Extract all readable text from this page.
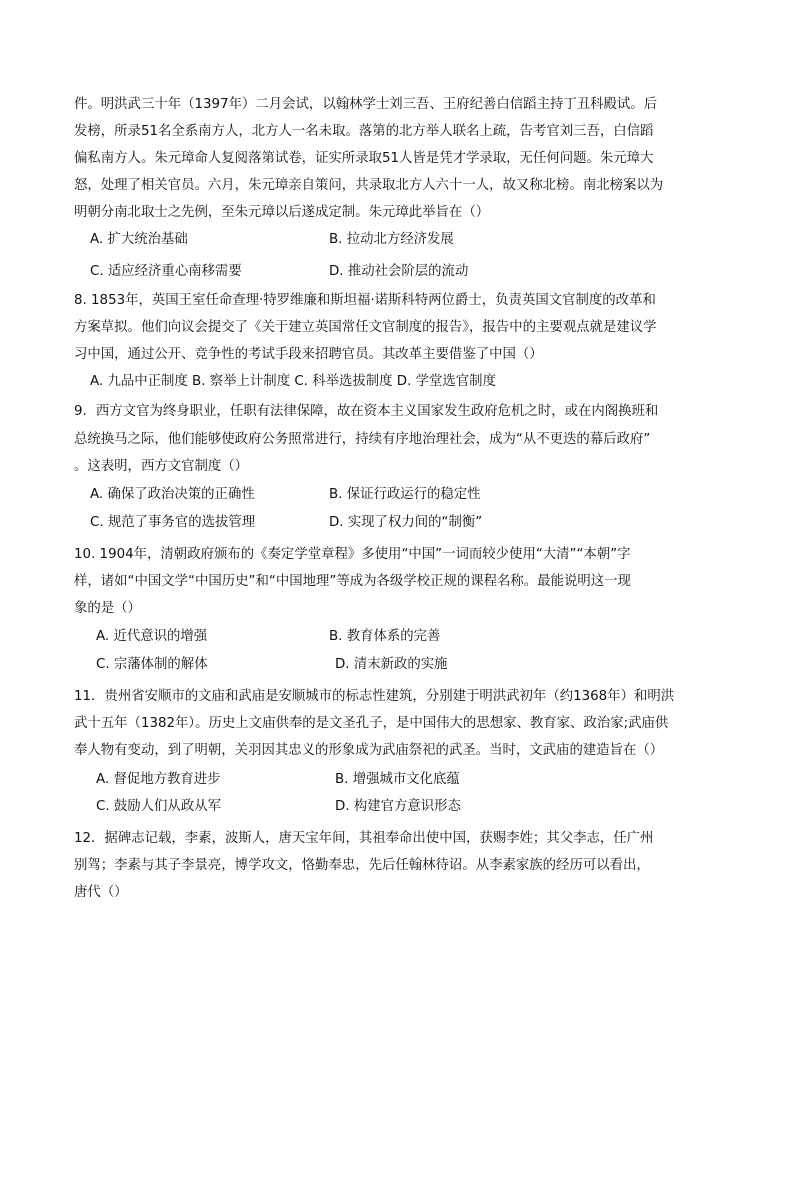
件。明洪武三十年（1397年）二月会试，以翰林学士刘三吾、王府纪善白信蹈主持丁丑科殿试。后
发榜，所录51名全系南方人，北方人一名未取。落第的北方举人联名上疏，告考官刘三吾，白信蹈
偏私南方人。朱元璋命人复阅落第试卷，证实所录取51人皆是凭才学录取，无任何问题。朱元璋大
怒，处理了相关官员。六月，朱元璋亲自策问，共录取北方人六十一人，故又称北榜。南北榜案以为
明朝分南北取士之先例，至朱元璋以后遂成定制。朱元璋此举旨在（）
A. 扩大统治基础	B. 拉动北方经济发展
C. 适应经济重心南移需要	D. 推动社会阶层的流动
8. 1853年，英国王室任命查理·特罗维廉和斯坦福·诺斯科特两位爵士，负责英国文官制度的改革和
方案草拟。他们向议会提交了《关于建立英国常任文官制度的报告》，报告中的主要观点就是建议学
习中国，通过公开、竞争性的考试手段来招聘官员。其改革主要借鉴了中国（）
A. 九品中正制度 B. 察举上计制度 C. 科举选拔制度 D. 学堂选官制度
9．西方文官为终身职业，任职有法律保障，故在资本主义国家发生政府危机之时，或在内阁换班和
总统换马之际，他们能够使政府公务照常进行，持续有序地治理社会，成为“从不更迭的幕后政府”
。这表明，西方文官制度（）
A. 确保了政治决策的正确性	B. 保证行政运行的稳定性
C. 规范了事务官的选拔管理	D. 实现了权力间的“制衡”
10. 1904年，清朝政府颁布的《奏定学堂章程》多使用“中国”一词而较少使用“大清”“本朝”字
样，诸如“中国文学“中国历史”和“中国地理”等成为各级学校正规的课程名称。最能说明这一现
象的是（）
A. 近代意识的增强	B. 教育体系的完善
C. 宗藩体制的解体	D. 清末新政的实施
11．贵州省安顺市的文庙和武庙是安顺城市的标志性建筑，分别建于明洪武初年（约1368年）和明洪
武十五年（1382年）。历史上文庙供奉的是文圣孔子，是中国伟大的思想家、教育家、政治家;武庙供
奉人物有变动，到了明朝，关羽因其忠义的形象成为武庙祭祀的武圣。当时，文武庙的建造旨在（）
A. 督促地方教育进步	B. 增强城市文化底蕴
C. 鼓励人们从政从军	D. 构建官方意识形态
12．据碑志记载，李素，波斯人，唐天宝年间，其祖奉命出使中国，获赐李姓；其父李志，任广州
别驾；李素与其子李景亮，博学攻文，恪勤奉忠，先后任翰林待诏。从李素家族的经历可以看出，
唐代（）
